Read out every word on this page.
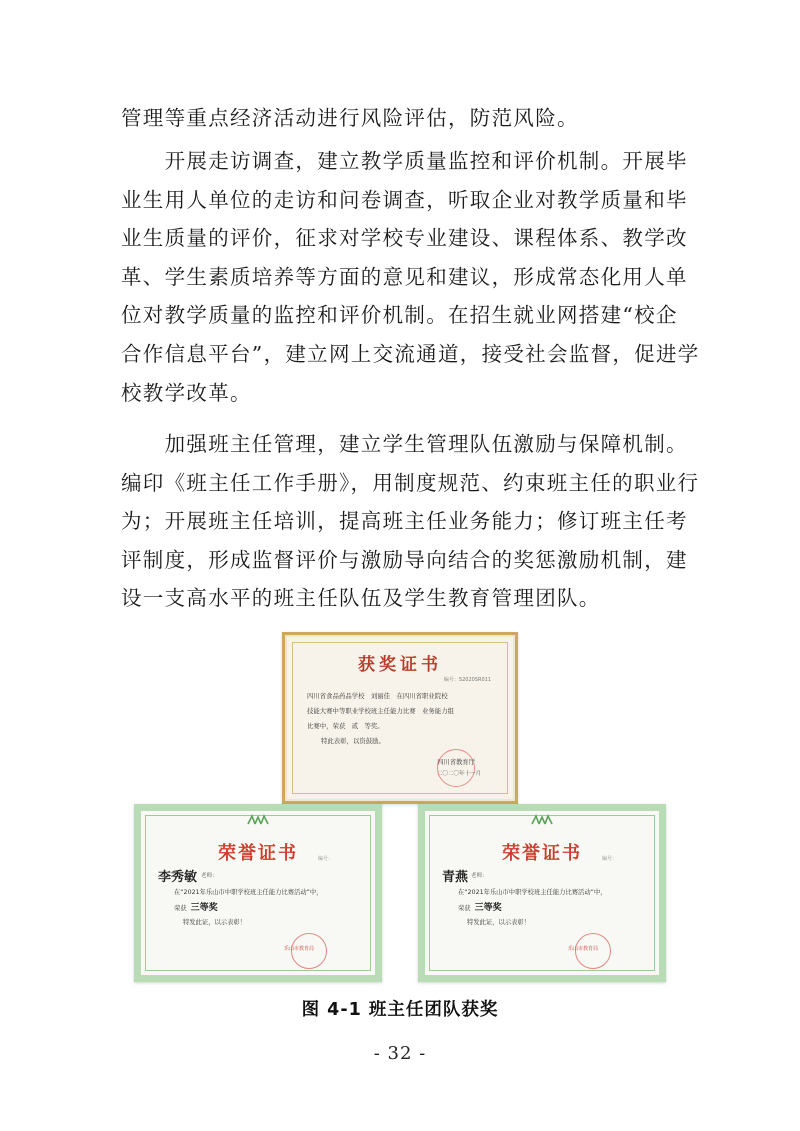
管理等重点经济活动进行风险评估，防范风险。
　　开展走访调查，建立教学质量监控和评价机制。开展毕
业生用人单位的走访和问卷调查，听取企业对教学质量和毕
业生质量的评价，征求对学校专业建设、课程体系、教学改
革、学生素质培养等方面的意见和建议，形成常态化用人单
位对教学质量的监控和评价机制。在招生就业网搭建“校企
合作信息平台”，建立网上交流通道，接受社会监督，促进学
校教学改革。
　　加强班主任管理，建立学生管理队伍激励与保障机制。
编印《班主任工作手册》，用制度规范、约束班主任的职业行
为；开展班主任培训，提高班主任业务能力；修订班主任考
评制度，形成监督评价与激励导向结合的奖惩激励机制，建
设一支高水平的班主任队伍及学生教育管理团队。
获奖证书
编号：S2020SR011
四川省食品药品学校　刘丽佳　在四川省职业院校
技能大赛中等职业学校班主任能力比赛　业务能力组
比赛中，荣获　贰　等奖。
特此表彰，以资鼓励。
四川省教育厅
二〇二〇年十一月
荣誉证书	编号：
李秀敏 老师：
在“2021年乐山市中职学校班主任能力比赛活动”中，
荣获 三等奖
特发此证，以示表彰！
乐山市教育局
荣誉证书	编号：
青燕 老师：
在“2021年乐山市中职学校班主任能力比赛活动”中，
荣获 三等奖
特发此证，以示表彰！
乐山市教育局
图 4-1 班主任团队获奖
- 32 -
